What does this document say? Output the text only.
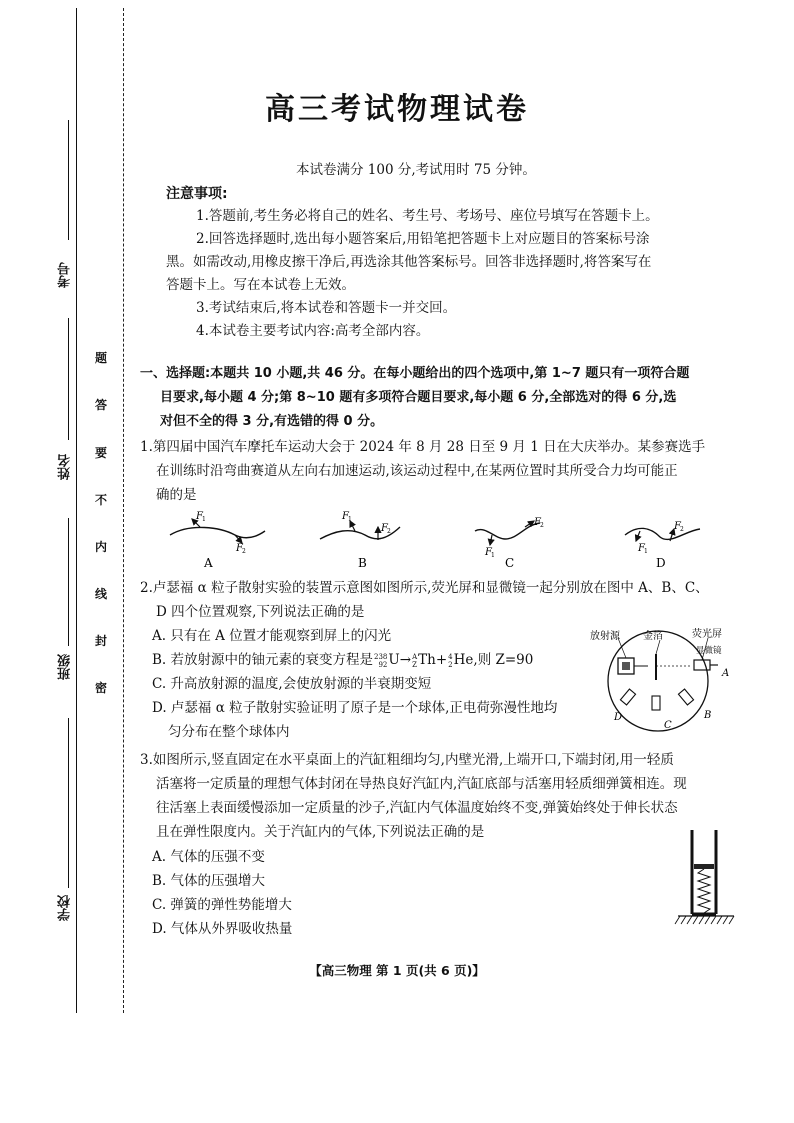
考号
姓名
班级
学校
题
答
要
不
内
线
封
密
高三考试物理试卷
本试卷满分 100 分,考试用时 75 分钟。
注意事项:
1.答题前,考生务必将自己的姓名、考生号、考场号、座位号填写在答题卡上。
2.回答选择题时,选出每小题答案后,用铅笔把答题卡上对应题目的答案标号涂
黑。如需改动,用橡皮擦干净后,再选涂其他答案标号。回答非选择题时,将答案写在
答题卡上。写在本试卷上无效。
3.考试结束后,将本试卷和答题卡一并交回。
4.本试卷主要考试内容:高考全部内容。
一、选择题:本题共 10 小题,共 46 分。在每小题给出的四个选项中,第 1~7 题只有一项符合题
目要求,每小题 4 分;第 8~10 题有多项符合题目要求,每小题 6 分,全部选对的得 6 分,选
对但不全的得 3 分,有选错的得 0 分。
1.第四届中国汽车摩托车运动大会于 2024 年 8 月 28 日至 9 月 1 日在大庆举办。某参赛选手
在训练时沿弯曲赛道从左向右加速运动,该运动过程中,在某两位置时其所受合力均可能正
确的是
F 1
F 2
A
F 1
F 2
B
F 1
F 2
C
F 1
F 2
D
2.卢瑟福 α 粒子散射实验的装置示意图如图所示,荧光屏和显微镜一起分别放在图中 A、B、C、
D 四个位置观察,下列说法正确的是
A. 只有在 A 位置才能观察到屏上的闪光
B. 若放射源中的铀元素的衰变方程是238
92U→A
ZTh+4
2He,则 Z=90
C. 升高放射源的温度,会使放射源的半衰期变短
D. 卢瑟福 α 粒子散射实验证明了原子是一个球体,正电荷弥漫性地均
匀分布在整个球体内
放射源 金箔	荧光屏
显微镜
A
B
C
D
3.如图所示,竖直固定在水平桌面上的汽缸粗细均匀,内壁光滑,上端开口,下端封闭,用一轻质
活塞将一定质量的理想气体封闭在导热良好汽缸内,汽缸底部与活塞用轻质细弹簧相连。现
往活塞上表面缓慢添加一定质量的沙子,汽缸内气体温度始终不变,弹簧始终处于伸长状态
且在弹性限度内。关于汽缸内的气体,下列说法正确的是
A. 气体的压强不变
B. 气体的压强增大
C. 弹簧的弹性势能增大
D. 气体从外界吸收热量
【高三物理 第 1 页(共 6 页)】
